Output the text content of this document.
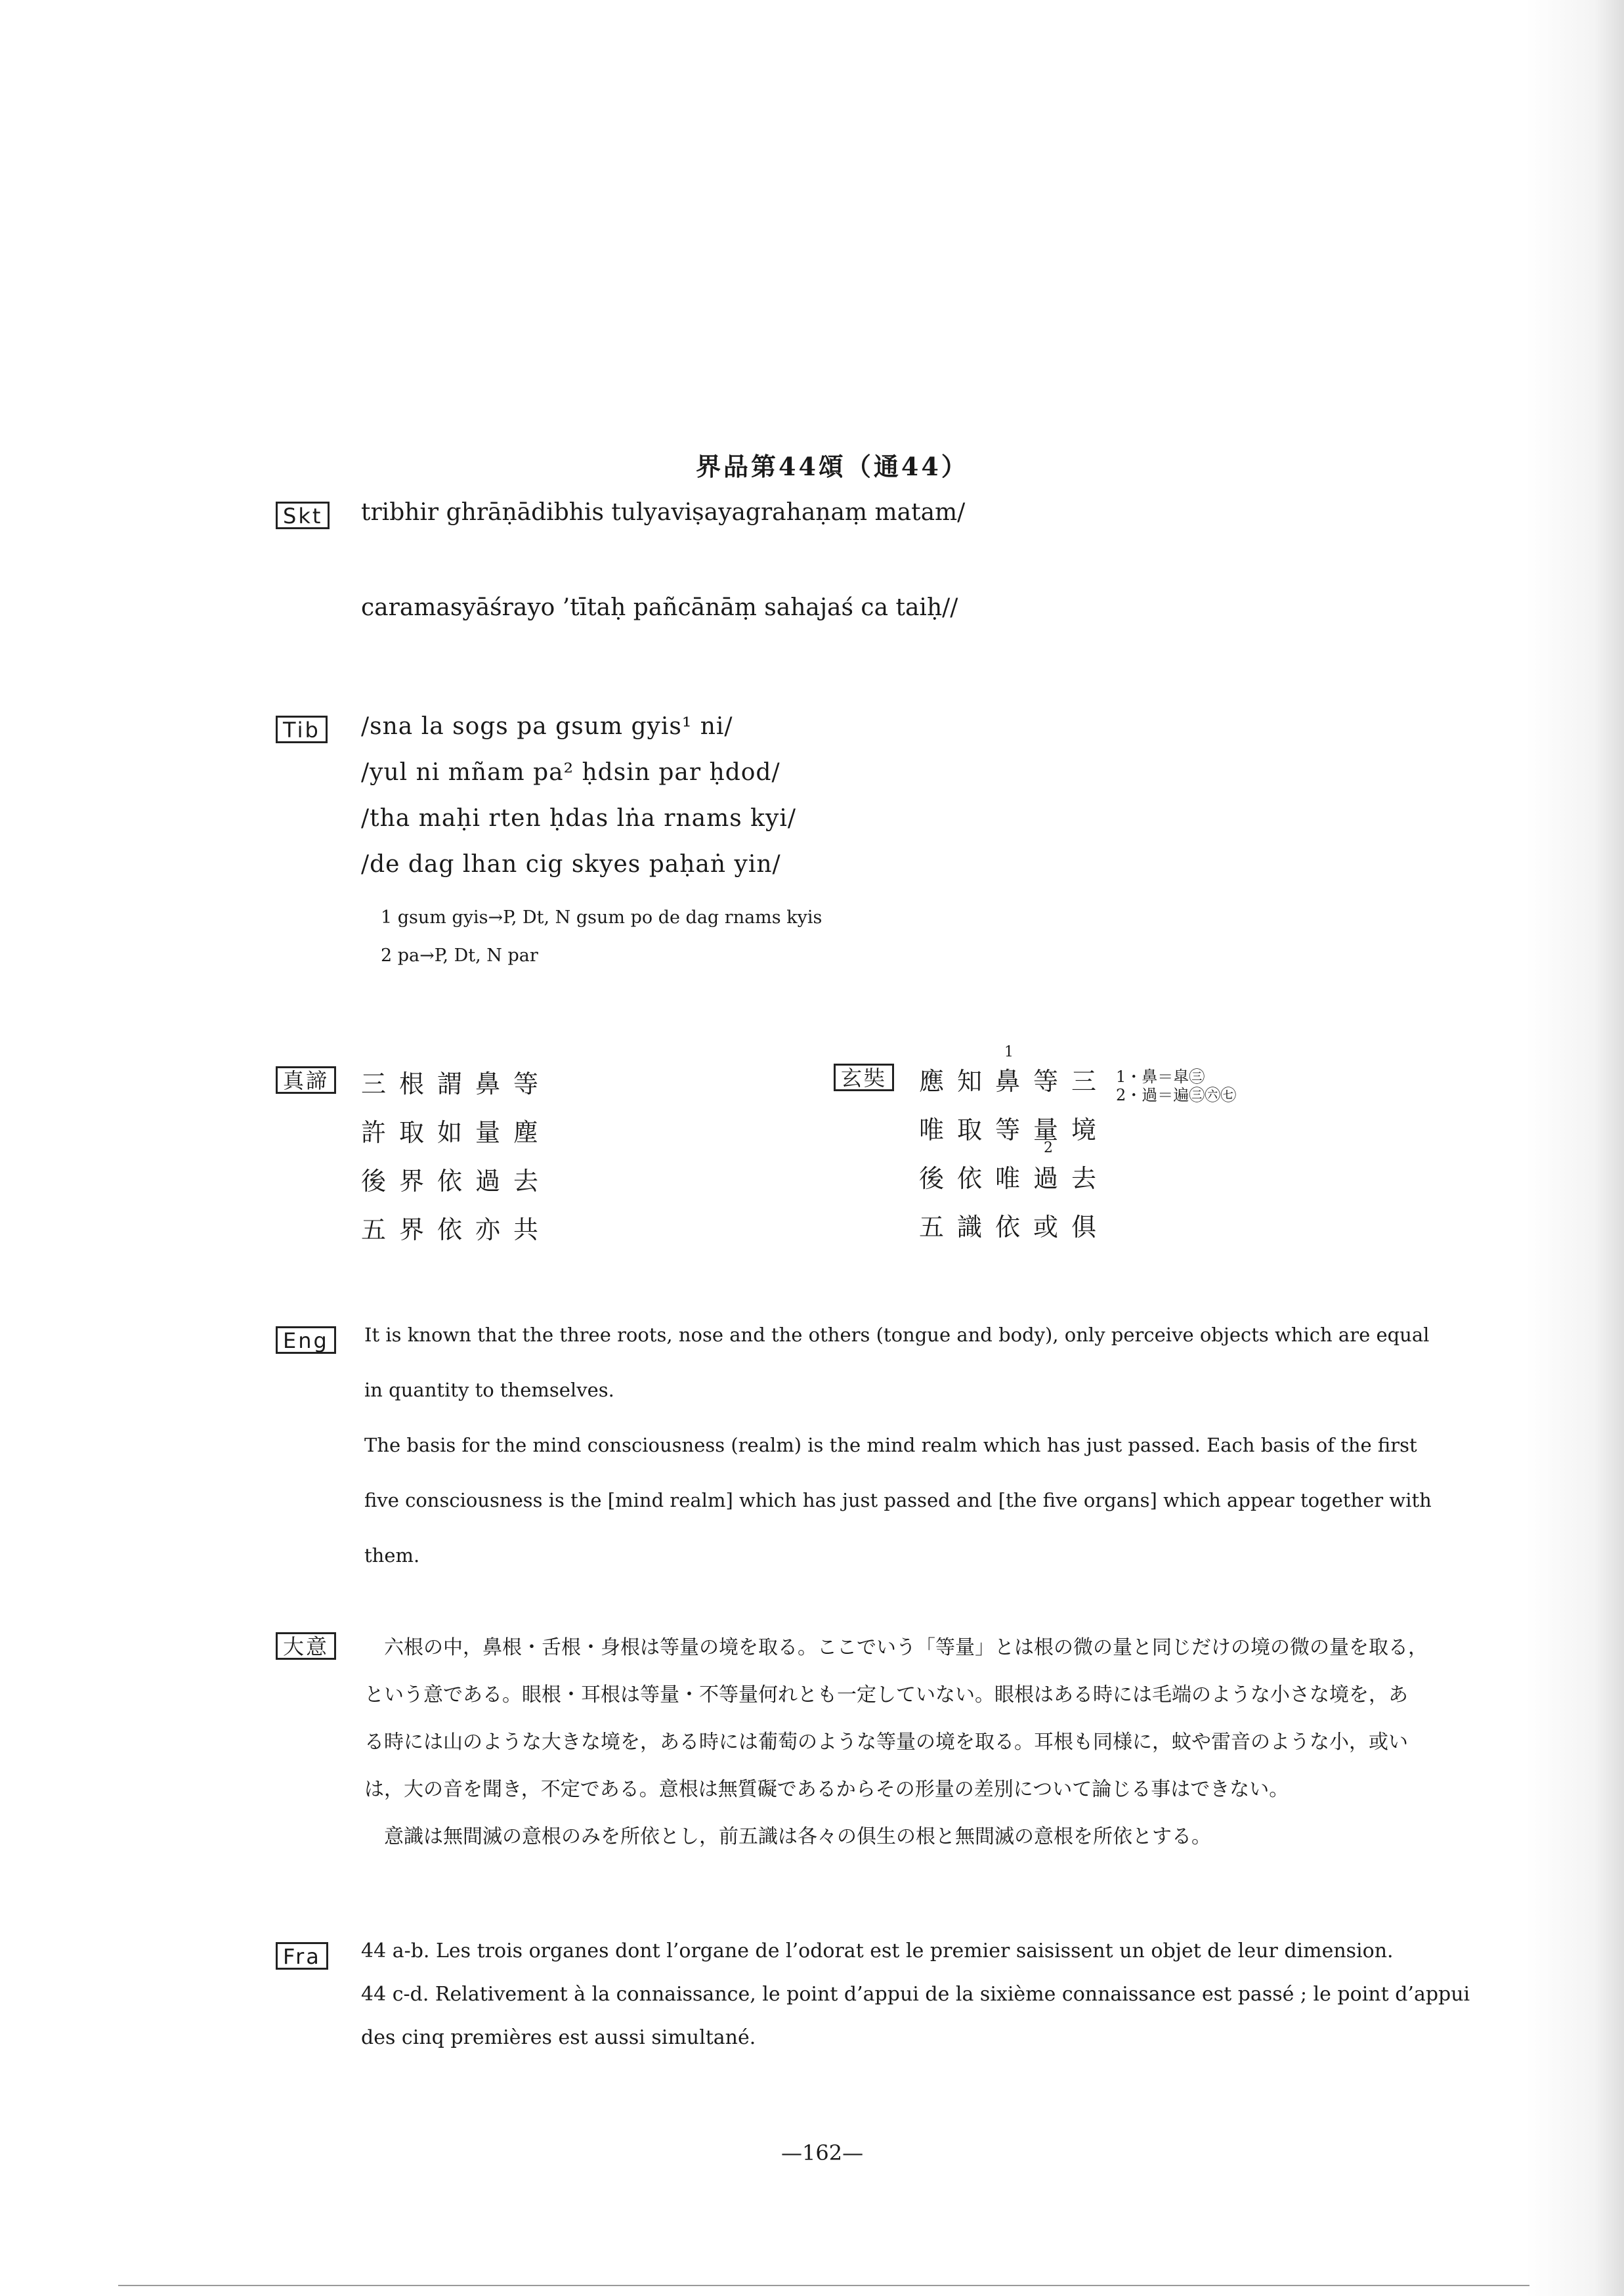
界品第44頌（通44）
Skt	tribhir ghrāṇādibhis tulyaviṣayagrahaṇaṃ matam/
caramasyāśrayo ’tītaḥ pañcānāṃ sahajaś ca taiḥ//
Tib	/sna la sogs pa gsum gyis¹ ni/
/yul ni mñam pa² ḥdsin par ḥdod/
/tha maḥi rten ḥdas lṅa rnams kyi/
/de dag lhan cig skyes paḥaṅ yin/
1 gsum gyis→P, Dt, N gsum po de dag rnams kyis
2 pa→P, Dt, N par
真諦 三根謂鼻等
許取如量塵
後界依過去
五界依亦共
玄奘
1
應知鼻等三
唯取等量境
2
後依唯過去
五識依或俱
1・鼻＝皐㊂
2・過＝遍㊂㊅㊆
Eng	It is known that the three roots, nose and the others (tongue and body), only perceive objects which are equal
in quantity to themselves.
The basis for the mind consciousness (realm) is the mind realm which has just passed. Each basis of the first
five consciousness is the [mind realm] which has just passed and [the five organs] which appear together with
them.
大意	六根の中，鼻根・舌根・身根は等量の境を取る。ここでいう「等量」とは根の微の量と同じだけの境の微の量を取る，
という意である。眼根・耳根は等量・不等量何れとも一定していない。眼根はある時には毛端のような小さな境を，あ
る時には山のような大きな境を，ある時には葡萄のような等量の境を取る。耳根も同様に，蚊や雷音のような小，或い
は，大の音を聞き，不定である。意根は無質礙であるからその形量の差別について論じる事はできない。
意識は無間滅の意根のみを所依とし，前五識は各々の俱生の根と無間滅の意根を所依とする。
Fra	44 a-b. Les trois organes dont l’organe de l’odorat est le premier saisissent un objet de leur dimension.
44 c-d. Relativement à la connaissance, le point d’appui de la sixième connaissance est passé ; le point d’appui
des cinq premières est aussi simultané.
—162—
